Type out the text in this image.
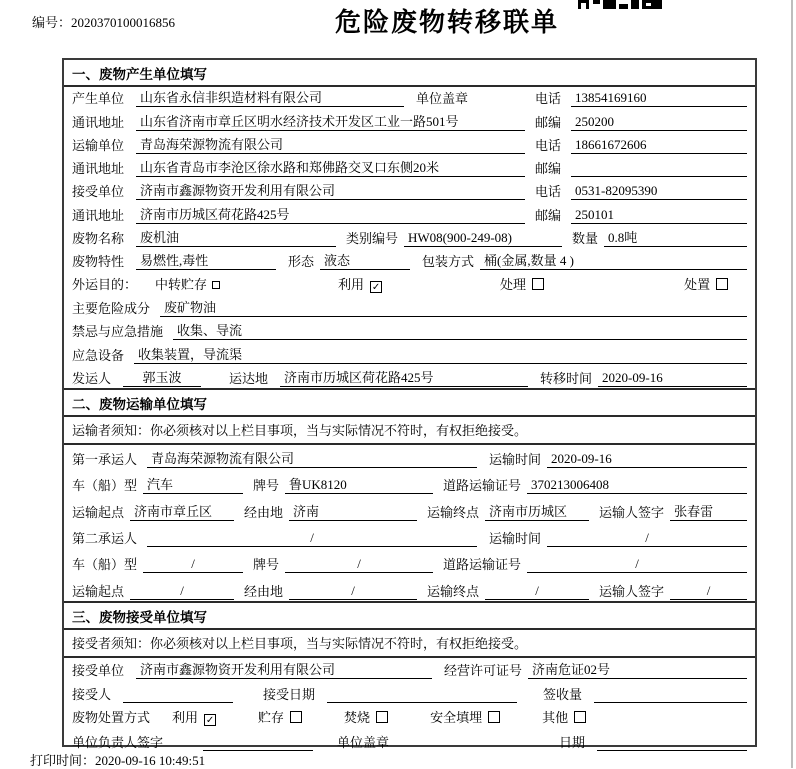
编号：2020370100016856	危险废物转移联单
一、废物产生单位填写
产生单位	山东省永信非织造材料有限公司	单位盖章	电话	13854169160
通讯地址	山东省济南市章丘区明水经济技术开发区工业一路501号	邮编	250200
运输单位	青岛海荣源物流有限公司	电话	18661672606
通讯地址	山东省青岛市李沧区徐水路和郑佛路交叉口东侧20米	邮编
接受单位	济南市鑫源物资开发利用有限公司	电话	0531-82095390
通讯地址	济南市历城区荷花路425号	邮编	250101
废物名称	废机油	类别编号 HW08(900-249-08)	数量 0.8吨
废物特性	易燃性,毒性	形态 液态	包装方式 桶(金属,数量 4 )
外运目的： 中转贮存	利用 ✓	处理	处置
主要危险成分	废矿物油
禁忌与应急措施	收集、导流
应急设备	收集装置，导流渠
发运人	郭玉波	运达地	济南市历城区荷花路425号	转移时间 2020-09-16
二、废物运输单位填写
运输者须知：你必须核对以上栏目事项，当与实际情况不符时，有权拒绝接受。
第一承运人	青岛海荣源物流有限公司	运输时间 2020-09-16
车（船）型 汽车	牌号 鲁UK8120	道路运输证号 370213006408
运输起点 济南市章丘区	经由地 济南	运输终点 济南市历城区	运输人签字 张春雷
第二承运人	/	运输时间	/
车（船）型	/	牌号	/	道路运输证号	/
运输起点	/	经由地	/	运输终点	/	运输人签字	/
三、废物接受单位填写
接受者须知：你必须核对以上栏目事项，当与实际情况不符时，有权拒绝接受。
接受单位	济南市鑫源物资开发利用有限公司	经营许可证号 济南危证02号
接受人	接受日期	签收量
废物处置方式 利用 ✓	贮存	焚烧	安全填埋	其他
单位负责人签字	单位盖章	日期
打印时间：2020-09-16 10:49:51
